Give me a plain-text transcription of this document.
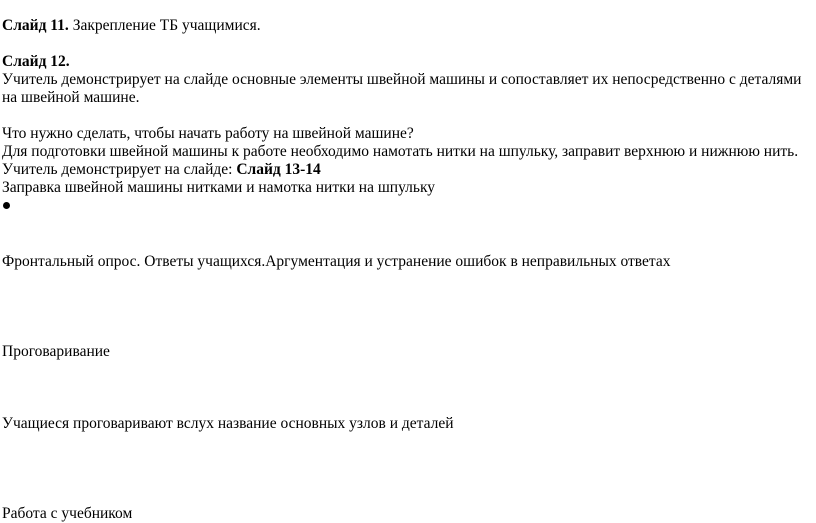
Слайд 11. Закрепление ТБ учащимися.
Слайд 12.
Учитель демонстрирует на слайде основные элементы швейной машины и сопоставляет их непосредственно с деталями
на швейной машине.
Что нужно сделать, чтобы начать работу на швейной машине?
Для подготовки швейной машины к работе необходимо намотать нитки на шпульку, заправит верхнюю и нижнюю нить.
Учитель демонстрирует на слайде: Слайд 13-14
Заправка швейной машины нитками и намотка нитки на шпульку
Фронтальный опрос. Ответы учащихся.Аргументация и устранение ошибок в неправильных ответах
Проговаривание
Учащиеся проговаривают вслух название основных узлов и деталей
Работа с учебником
